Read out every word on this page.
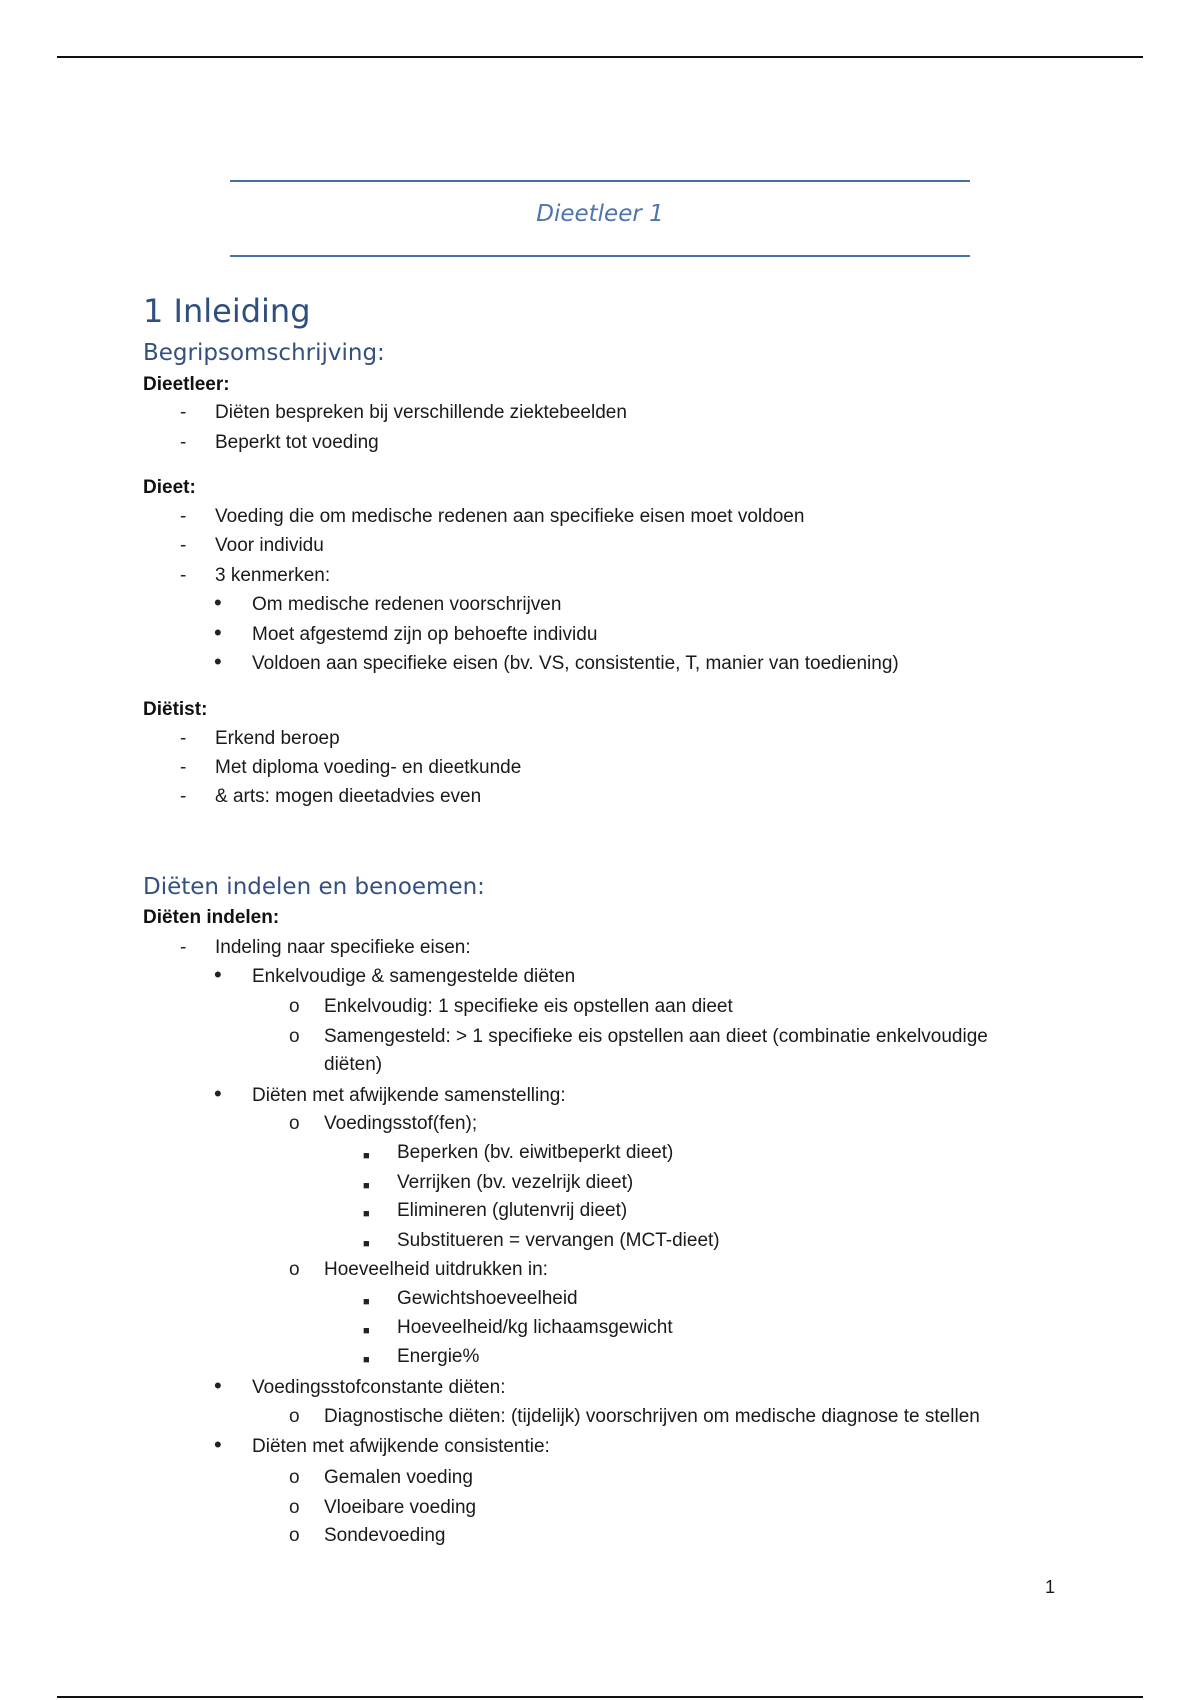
Dieetleer 1
1 Inleiding
Begripsomschrijving:
Dieetleer:
- Diëten bespreken bij verschillende ziektebeelden
- Beperkt tot voeding
Dieet:
- Voeding die om medische redenen aan specifieke eisen moet voldoen
- Voor individu
- 3 kenmerken:
• Om medische redenen voorschrijven
• Moet afgestemd zijn op behoefte individu
• Voldoen aan specifieke eisen (bv. VS, consistentie, T, manier van toediening)
Diëtist:
- Erkend beroep
- Met diploma voeding- en dieetkunde
- & arts: mogen dieetadvies even
Diëten indelen en benoemen:
Diëten indelen:
- Indeling naar specifieke eisen:
• Enkelvoudige & samengestelde diëten
o Enkelvoudig: 1 specifieke eis opstellen aan dieet
o Samengesteld: > 1 specifieke eis opstellen aan dieet (combinatie enkelvoudige
diëten)
• Diëten met afwijkende samenstelling:
o Voedingsstof(fen);
■ Beperken (bv. eiwitbeperkt dieet)
■ Verrijken (bv. vezelrijk dieet)
■ Elimineren (glutenvrij dieet)
■ Substitueren = vervangen (MCT-dieet)
o Hoeveelheid uitdrukken in:
■ Gewichtshoeveelheid
■ Hoeveelheid/kg lichaamsgewicht
■ Energie%
• Voedingsstofconstante diëten:
o Diagnostische diëten: (tijdelijk) voorschrijven om medische diagnose te stellen
• Diëten met afwijkende consistentie:
o Gemalen voeding
o Vloeibare voeding
o Sondevoeding
1
